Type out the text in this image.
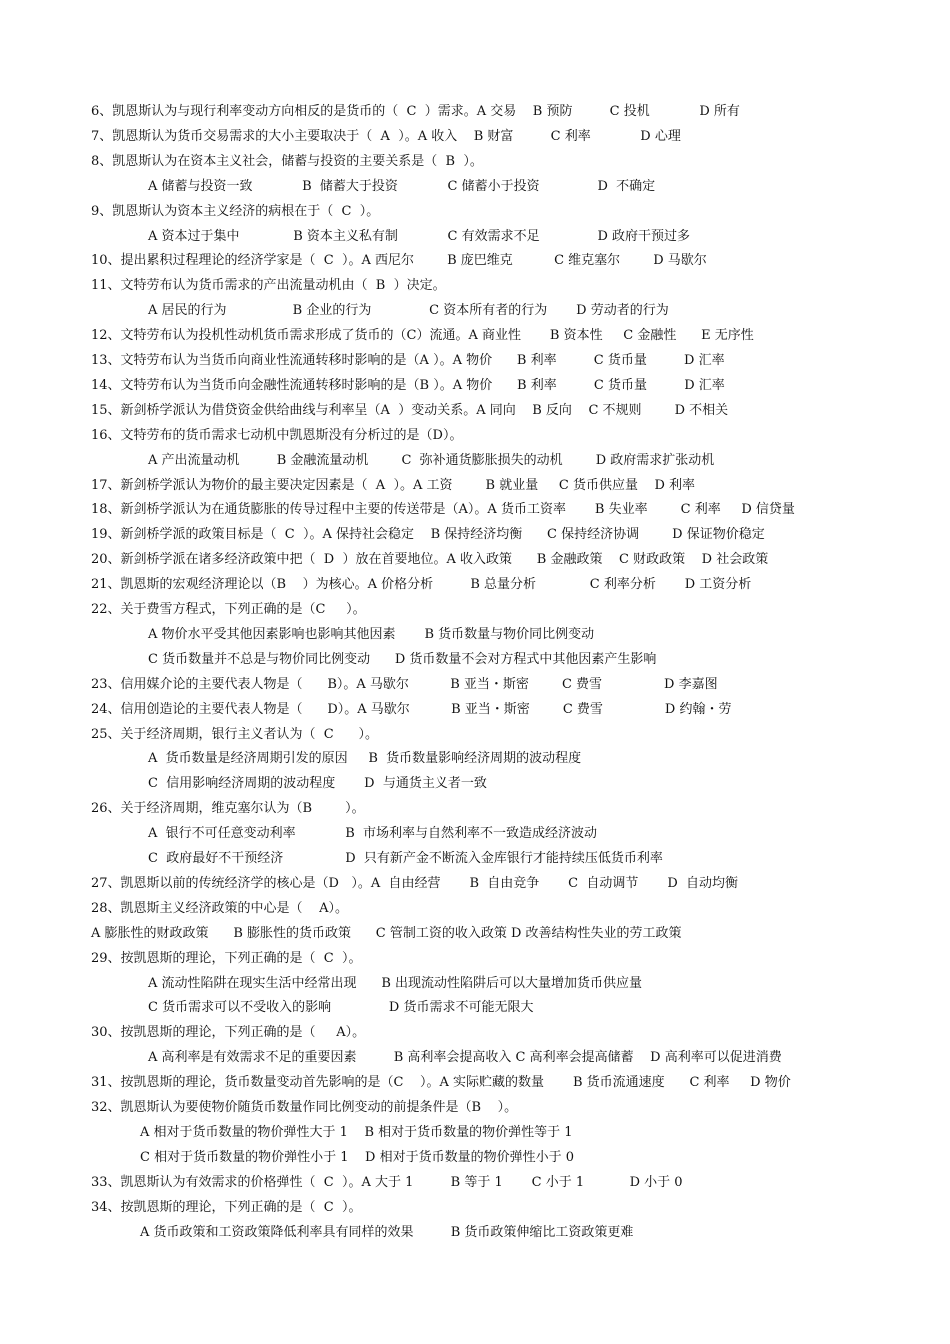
6、凯恩斯认为与现行利率变动方向相反的是货币的（  C  ）需求。A 交易    B 预防         C 投机            D 所有
7、凯恩斯认为货币交易需求的大小主要取决于（  A  ）。A 收入    B 财富         C 利率            D 心理
8、凯恩斯认为在资本主义社会，储蓄与投资的主要关系是（  B  ）。
A 储蓄与投资一致            B  储蓄大于投资            C 储蓄小于投资              D  不确定
9、凯恩斯认为资本主义经济的病根在于（  C  ）。
A 资本过于集中             B 资本主义私有制            C 有效需求不足              D 政府干预过多
10、提出累积过程理论的经济学家是（  C  ）。A 西尼尔        B 庞巴维克          C 维克塞尔        D 马歇尔
11、文特劳布认为货币需求的产出流量动机由（  B  ）决定。
A 居民的行为                B 企业的行为              C 资本所有者的行为       D 劳动者的行为
12、文特劳布认为投机性动机货币需求形成了货币的（C）流通。A 商业性       B 资本性     C 金融性      E 无序性
13、文特劳布认为当货币向商业性流通转移时影响的是（A ）。A 物价      B 利率         C 货币量         D 汇率
14、文特劳布认为当货币向金融性流通转移时影响的是（B ）。A 物价      B 利率         C 货币量         D 汇率
15、新剑桥学派认为借贷资金供给曲线与利率呈（A  ）变动关系。A 同向    B 反向    C 不规则        D 不相关
16、文特劳布的货币需求七动机中凯恩斯没有分析过的是（D）。
A 产出流量动机         B 金融流量动机        C  弥补通货膨胀损失的动机        D 政府需求扩张动机
17、新剑桥学派认为物价的最主要决定因素是（  A  ）。A 工资        B 就业量     C 货币供应量    D 利率
18、新剑桥学派认为在通货膨胀的传导过程中主要的传送带是（A）。A 货币工资率       B 失业率        C 利率     D 信贷量
19、新剑桥学派的政策目标是（  C  ）。A 保持社会稳定    B 保持经济均衡      C 保持经济协调        D 保证物价稳定
20、新剑桥学派在诸多经济政策中把（  D  ）放在首要地位。A 收入政策      B 金融政策    C 财政政策    D 社会政策
21、凯恩斯的宏观经济理论以（B    ）为核心。A 价格分析         B 总量分析             C 利率分析       D 工资分析
22、关于费雪方程式，下列正确的是（C     ）。
A 物价水平受其他因素影响也影响其他因素       B 货币数量与物价同比例变动
C 货币数量并不总是与物价同比例变动      D 货币数量不会对方程式中其他因素产生影响
23、信用媒介论的主要代表人物是（      B）。A 马歇尔          B 亚当・斯密        C 费雪               D 李嘉图
24、信用创造论的主要代表人物是（      D）。A 马歇尔          B 亚当・斯密        C 费雪               D 约翰・劳
25、关于经济周期，银行主义者认为（  C      ）。
A  货币数量是经济周期引发的原因     B  货币数量影响经济周期的波动程度
C  信用影响经济周期的波动程度       D  与通货主义者一致
26、关于经济周期，维克塞尔认为（B        ）。
A  银行不可任意变动利率            B  市场利率与自然利率不一致造成经济波动
C  政府最好不干预经济               D  只有新产金不断流入金库银行才能持续压低货币利率
27、凯恩斯以前的传统经济学的核心是（D   ）。A  自由经营       B  自由竞争       C  自动调节       D  自动均衡
28、凯恩斯主义经济政策的中心是（    A）。
A 膨胀性的财政政策      B 膨胀性的货币政策      C 管制工资的收入政策 D 改善结构性失业的劳工政策
29、按凯恩斯的理论，下列正确的是（  C  ）。
A 流动性陷阱在现实生活中经常出现      B 出现流动性陷阱后可以大量增加货币供应量
C 货币需求可以不受收入的影响              D 货币需求不可能无限大
30、按凯恩斯的理论，下列正确的是（     A）。
A 高利率是有效需求不足的重要因素         B 高利率会提高收入 C 高利率会提高储蓄    D 高利率可以促进消费
31、按凯恩斯的理论，货币数量变动首先影响的是（C    ）。A 实际贮藏的数量       B 货币流通速度      C 利率     D 物价
32、凯恩斯认为要使物价随货币数量作同比例变动的前提条件是（B    ）。
A 相对于货币数量的物价弹性大于 1    B 相对于货币数量的物价弹性等于 1
C 相对于货币数量的物价弹性小于 1    D 相对于货币数量的物价弹性小于 0
33、凯恩斯认为有效需求的价格弹性（  C  ）。A 大于 1         B 等于 1       C 小于 1           D 小于 0
34、按凯恩斯的理论，下列正确的是（  C  ）。
A 货币政策和工资政策降低利率具有同样的效果         B 货币政策伸缩比工资政策更难
